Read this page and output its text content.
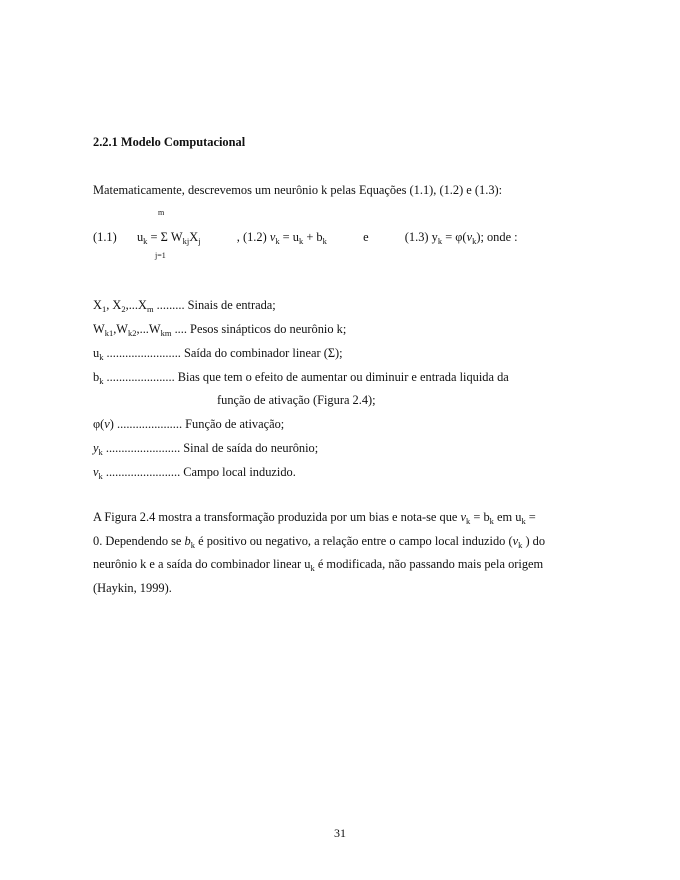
2.2.1 Modelo Computacional
Matematicamente, descrevemos um neurônio k pelas Equações (1.1), (1.2) e (1.3):
m
j=1
(1.1) $u_k = \Sigma$ $W_{kj}X_j$	, (1.2) $v_k = u_k + b_k$	e	(1.3) $y_k = \varphi(v_k)$; onde :
$X_1$, $X_2,...X_m$ ......... Sinais de entrada;
$W_{k1},W_{k2},...W_{km}$ .... Pesos sinápticos do neurônio k;
$u_k$ ........................ Saída do combinador linear (Σ);
$b_k$ ...................... Bias que tem o efeito de aumentar ou diminuir e entrada liquida da
função de ativação (Figura 2.4);
φ(v) ..................... Função de ativação;
$y_k$ ........................ Sinal de saída do neurônio;
$v_k$ ........................ Campo local induzido.
A Figura 2.4 mostra a transformação produzida por um bias e nota-se que $v_k = b_k$ em $u_k$ =
0. Dependendo se $b_k$ é positivo ou negativo, a relação entre o campo local induzido ($v_k$ ) do
neurônio k e a saída do combinador linear $u_k$ é modificada, não passando mais pela origem
(Haykin, 1999).
31
